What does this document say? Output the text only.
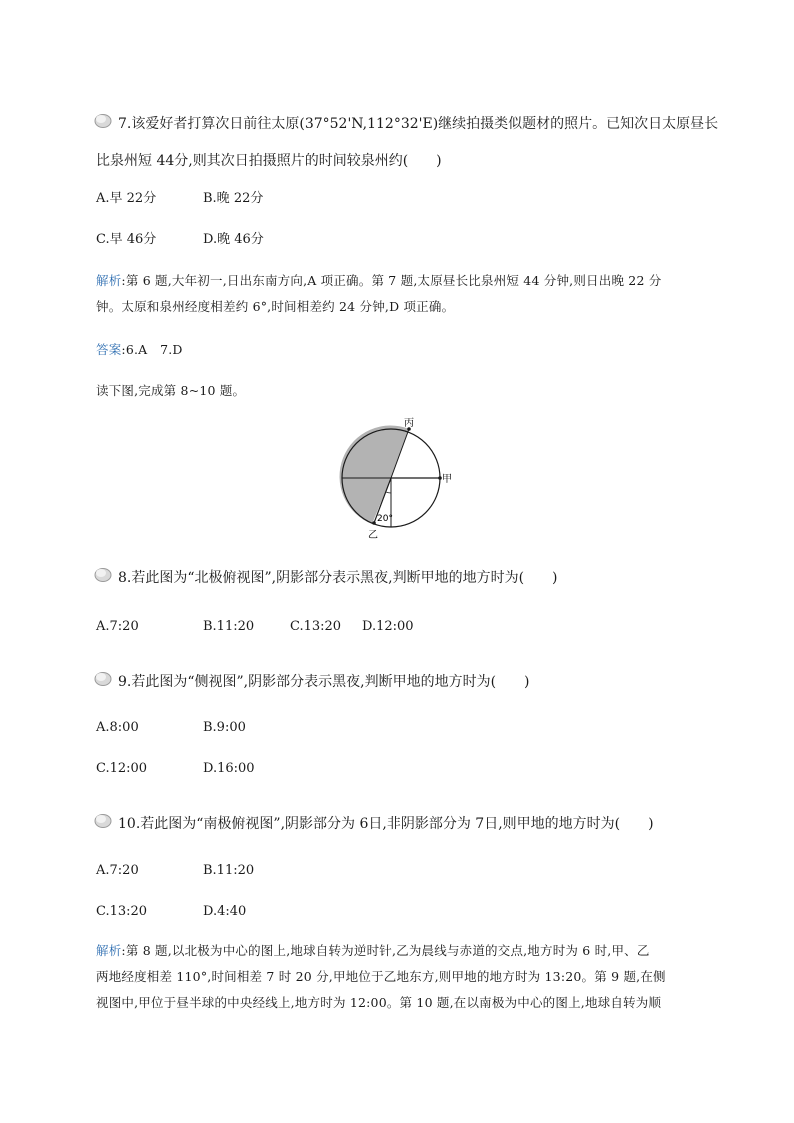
7.该爱好者打算次日前往太原(37°52'N,112°32'E)继续拍摄类似题材的照片。已知次日太原昼长
比泉州短 44分,则其次日拍摄照片的时间较泉州约(　　)
A.早 22分	B.晚 22分
C.早 46分	D.晚 46分
解析:第 6 题,大年初一,日出东南方向,A 项正确。第 7 题,太原昼长比泉州短 44 分钟,则日出晚 22 分
钟。太原和泉州经度相差约 6°,时间相差约 24 分钟,D 项正确。
答案:6.A　7.D
读下图,完成第 8~10 题。
丙
甲
乙
20°
8.若此图为“北极俯视图”,阴影部分表示黑夜,判断甲地的地方时为(　　)
A.7:20	B.11:20	C.13:20 D.12:00
9.若此图为“侧视图”,阴影部分表示黑夜,判断甲地的地方时为(　　)
A.8:00	B.9:00
C.12:00	D.16:00
10.若此图为“南极俯视图”,阴影部分为 6日,非阴影部分为 7日,则甲地的地方时为(　　)
A.7:20	B.11:20
C.13:20	D.4:40
解析:第 8 题,以北极为中心的图上,地球自转为逆时针,乙为晨线与赤道的交点,地方时为 6 时,甲、乙
两地经度相差 110°,时间相差 7 时 20 分,甲地位于乙地东方,则甲地的地方时为 13:20。第 9 题,在侧
视图中,甲位于昼半球的中央经线上,地方时为 12:00。第 10 题,在以南极为中心的图上,地球自转为顺
